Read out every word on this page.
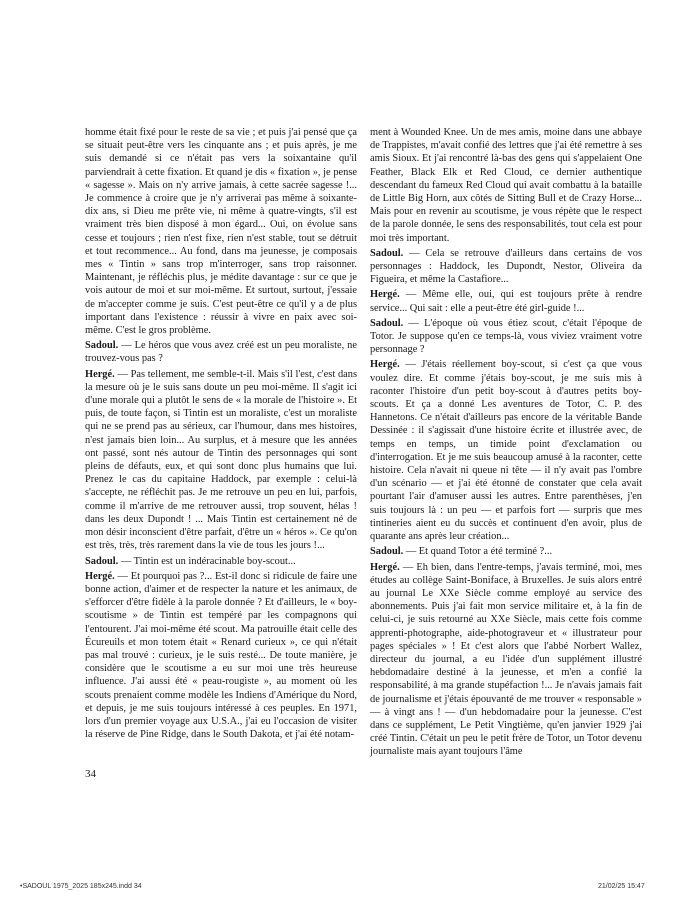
homme était fixé pour le reste de sa vie ; et puis j'ai pensé que ça se situait peut-être vers les cinquante ans ; et puis après, je me suis demandé si ce n'était pas vers la soixantaine qu'il parviendrait à cette fixation. Et quand je dis « fixation », je pense « sagesse ». Mais on n'y arrive jamais, à cette sacrée sagesse !... Je commence à croire que je n'y arriverai pas même à soixante-dix ans, si Dieu me prête vie, ni même à quatre-vingts, s'il est vraiment très bien disposé à mon égard... Oui, on évolue sans cesse et toujours ; rien n'est fixe, rien n'est stable, tout se détruit et tout recommence... Au fond, dans ma jeunesse, je composais mes « Tintin » sans trop m'interroger, sans trop raisonner. Maintenant, je réfléchis plus, je médite davantage : sur ce que je vois autour de moi et sur moi-même. Et surtout, surtout, j'essaie de m'accepter comme je suis. C'est peut-être ce qu'il y a de plus important dans l'existence : réussir à vivre en paix avec soi-même. C'est le gros problème.

Sadoul. — Le héros que vous avez créé est un peu moraliste, ne trouvez-vous pas ?

Hergé. — Pas tellement, me semble-t-il. Mais s'il l'est, c'est dans la mesure où je le suis sans doute un peu moi-même. Il s'agit ici d'une morale qui a plutôt le sens de « la morale de l'histoire ». Et puis, de toute façon, si Tintin est un moraliste, c'est un moraliste qui ne se prend pas au sérieux, car l'humour, dans mes histoires, n'est jamais bien loin... Au surplus, et à mesure que les années ont passé, sont nés autour de Tintin des personnages qui sont pleins de défauts, eux, et qui sont donc plus humains que lui. Prenez le cas du capitaine Haddock, par exemple : celui-là s'accepte, ne réfléchit pas. Je me retrouve un peu en lui, parfois, comme il m'arrive de me retrouver aussi, trop souvent, hélas ! dans les deux Dupondt ! ... Mais Tintin est certainement né de mon désir inconscient d'être parfait, d'être un « héros ». Ce qu'on est très, très, très rarement dans la vie de tous les jours !...

Sadoul. — Tintin est un indéracinable boy-scout...

Hergé. — Et pourquoi pas ?... Est-il donc si ridicule de faire une bonne action, d'aimer et de respecter la nature et les animaux, de s'efforcer d'être fidèle à la parole donnée ? Et d'ailleurs, le « boy-scoutisme » de Tintin est tempéré par les compagnons qui l'entourent. J'ai moi-même été scout. Ma patrouille était celle des Écureuils et mon totem était « Renard curieux », ce qui n'était pas mal trouvé : curieux, je le suis resté... De toute manière, je considère que le scoutisme a eu sur moi une très heureuse influence. J'ai aussi été « peau-rougiste », au moment où les scouts prenaient comme modèle les Indiens d'Amérique du Nord, et depuis, je me suis toujours intéressé à ces peuples. En 1971, lors d'un premier voyage aux U.S.A., j'ai eu l'occasion de visiter la réserve de Pine Ridge, dans le South Dakota, et j'ai été notam-

ment à Wounded Knee. Un de mes amis, moine dans une abbaye de Trappistes, m'avait confié des lettres que j'ai été remettre à ses amis Sioux. Et j'ai rencontré là-bas des gens qui s'appelaient One Feather, Black Elk et Red Cloud, ce dernier authentique descendant du fameux Red Cloud qui avait combattu à la bataille de Little Big Horn, aux côtés de Sitting Bull et de Crazy Horse... Mais pour en revenir au scoutisme, je vous répète que le respect de la parole donnée, le sens des responsabilités, tout cela est pour moi très important.

Sadoul. — Cela se retrouve d'ailleurs dans certains de vos personnages : Haddock, les Dupondt, Nestor, Oliveira da Figueira, et même la Castafiore...

Hergé. — Même elle, oui, qui est toujours prête à rendre service... Qui sait : elle a peut-être été girl-guide !...

Sadoul. — L'époque où vous étiez scout, c'était l'époque de Totor. Je suppose qu'en ce temps-là, vous viviez vraiment votre personnage ?

Hergé. — J'étais réellement boy-scout, si c'est ça que vous voulez dire. Et comme j'étais boy-scout, je me suis mis à raconter l'histoire d'un petit boy-scout à d'autres petits boy-scouts. Et ça a donné Les aventures de Totor, C. P. des Hannetons. Ce n'était d'ailleurs pas encore de la véritable Bande Dessinée : il s'agissait d'une histoire écrite et illustrée avec, de temps en temps, un timide point d'exclamation ou d'interrogation. Et je me suis beaucoup amusé à la raconter, cette histoire. Cela n'avait ni queue ni tête — il n'y avait pas l'ombre d'un scénario — et j'ai été étonné de constater que cela avait pourtant l'air d'amuser aussi les autres. Entre parenthèses, j'en suis toujours là : un peu — et parfois fort — surpris que mes tintineries aient eu du succès et continuent d'en avoir, plus de quarante ans après leur création...

Sadoul. — Et quand Totor a été terminé ?...

Hergé. — Eh bien, dans l'entre-temps, j'avais terminé, moi, mes études au collège Saint-Boniface, à Bruxelles. Je suis alors entré au journal Le XXe Siècle comme employé au service des abonnements. Puis j'ai fait mon service militaire et, à la fin de celui-ci, je suis retourné au XXe Siècle, mais cette fois comme apprenti-photographe, aide-photograveur et « illustrateur pour pages spéciales » ! Et c'est alors que l'abbé Norbert Wallez, directeur du journal, a eu l'idée d'un supplément illustré hebdomadaire destiné à la jeunesse, et m'en a confié la responsabilité, à ma grande stupéfaction !... Je n'avais jamais fait de journalisme et j'étais épouvanté de me trouver « responsable » — à vingt ans ! — d'un hebdomadaire pour la jeunesse. C'est dans ce supplément, Le Petit Vingtième, qu'en janvier 1929 j'ai créé Tintin. C'était un peu le petit frère de Totor, un Totor devenu journaliste mais ayant toujours l'âme

34
•SADOUL 1975_2025 185x245.indd 34	21/02/25 15:47
